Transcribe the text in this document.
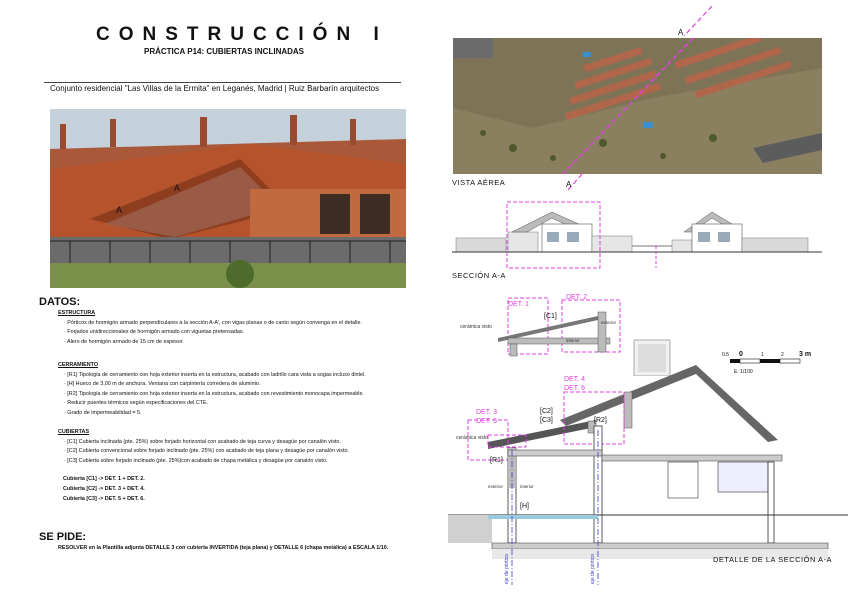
CONSTRUCCIÓN I
PRÁCTICA P14: CUBIERTAS INCLINADAS
Conjunto residencial "Las Villas de la Ermita" en Leganés, Madrid | Ruiz Barbarín arquitectos
A
A
A
A
VISTA AÉREA
SECCIÓN A-A
DET. 1
DET. 2
[C1]
cerámica visto
exterior
interior
DET. 3
DET. 5
DET. 4
DET. 6
[C2]
[C3]	[R2]
[R1]
[H]
cerámica visto
exterior	interior
eje de pórtico	eje de pórtico	DETALLE DE LA SECCIÓN A-A
0.5 0	1	2 3 m
E: 1/100
DATOS:
ESTRUCTURA
· Pórticos de hormigón armado perpendiculares a la sección A-A', con vigas planas o de canto según convenga en el detalle.
· Forjados unidireccionales de hormigón armado con viguetas pretensadas.
· Alero de hormigón armado de 15 cm de espesor.
CERRAMIENTO
· [R1] Tipología de cerramiento con hoja exterior inserta en la estructura, acabado con ladrillo cara vista a sogas incluso dintel.
· [H] Hueco de 3,00 m de anchura. Ventana con carpintería corredera de aluminio.
· [R2] Tipología de cerramiento con hoja exterior inserta en la estructura, acabado con revestimiento monocapa impermeable.
· Reducir puentes térmicos según especificaciones del CTE.
· Grado de impermeabilidad = 5.
CUBIERTAS
· [C1] Cubierta inclinada (pte. 25%) sobre forjado horizontal con acabado de teja curva y desagüe por canalón visto.
· [C2] Cubierta convencional sobre forjado inclinado (pte. 25%) con acabado de teja plana y desagüe por canalón visto.
· [C3] Cubierta sobre forjado inclinado (pte. 25%)con acabado de chapa metálica y desagüe por canalón visto.
Cubierta [C1] -> DET. 1 + DET. 2.
Cubierta [C2] -> DET. 3 + DET. 4.
Cubierta [C3] -> DET. 5 + DET. 6.
SE PIDE:
RESOLVER en la Plantilla adjunta DETALLE 3 con cubierta INVERTIDA (teja plana) y DETALLE 6 (chapa metálica) a ESCALA 1/10.
